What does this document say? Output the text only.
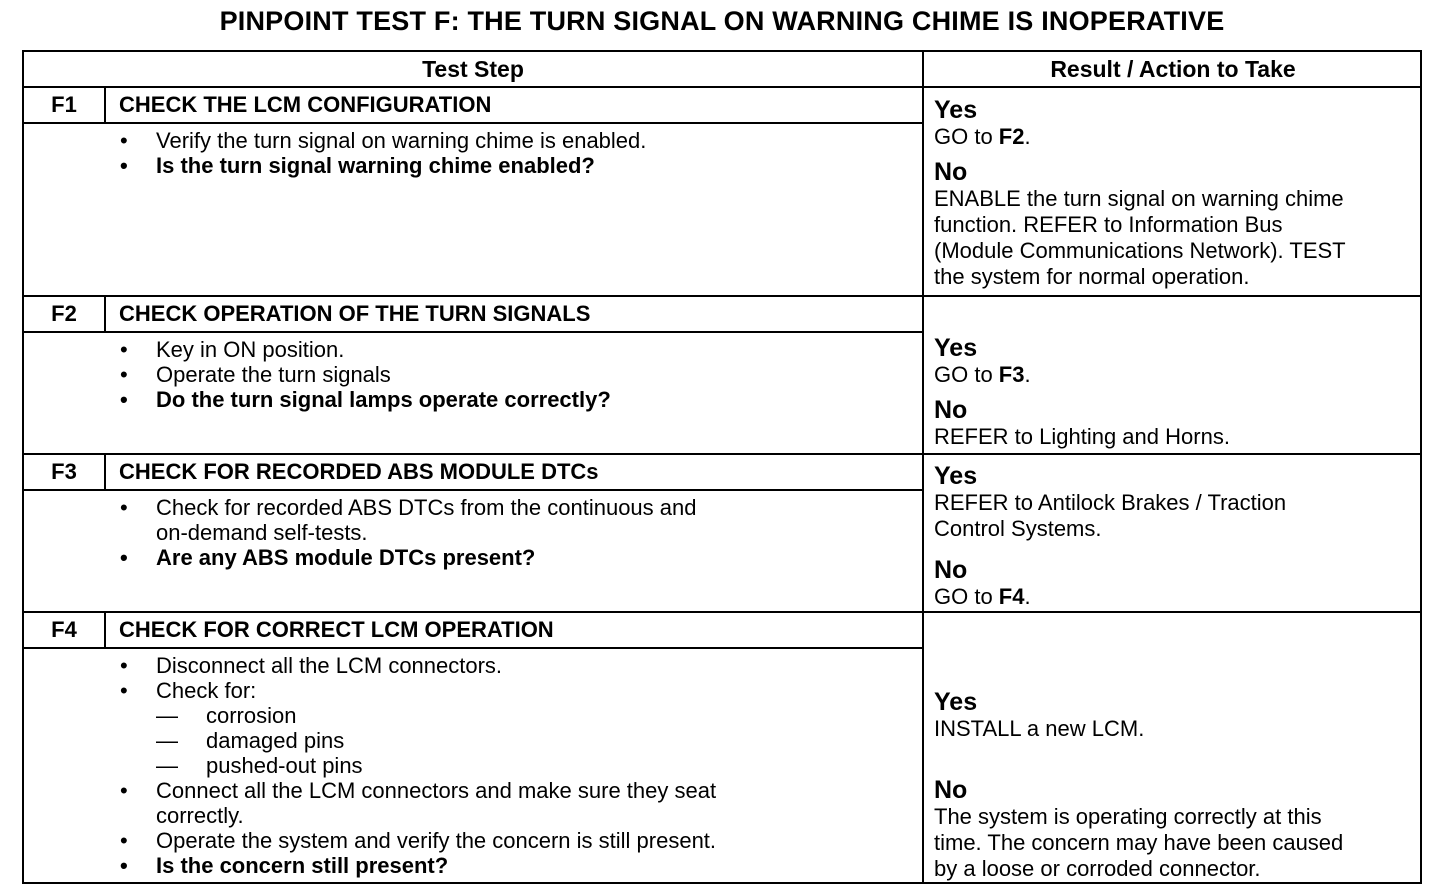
PINPOINT TEST F: THE TURN SIGNAL ON WARNING CHIME IS INOPERATIVE
Test Step	Result / Action to Take
F1	CHECK THE LCM CONFIGURATION
• Verify the turn signal on warning chime is enabled.
• Is the turn signal warning chime enabled?
Yes
GO to F2.
No
ENABLE the turn signal on warning chime
function. REFER to Information Bus
(Module Communications Network). TEST
the system for normal operation.
F2	CHECK OPERATION OF THE TURN SIGNALS
• Key in ON position.
• Operate the turn signals
• Do the turn signal lamps operate correctly?
Yes
GO to F3.
No
REFER to Lighting and Horns.
F3	CHECK FOR RECORDED ABS MODULE DTCs
• Check for recorded ABS DTCs from the continuous and
on-demand self-tests.
• Are any ABS module DTCs present?
Yes
REFER to Antilock Brakes / Traction
Control Systems.
No
GO to F4.
F4	CHECK FOR CORRECT LCM OPERATION
• Disconnect all the LCM connectors.
• Check for:
— corrosion
— damaged pins
— pushed-out pins
• Connect all the LCM connectors and make sure they seat
correctly.
• Operate the system and verify the concern is still present.
• Is the concern still present?
Yes
INSTALL a new LCM.
No
The system is operating correctly at this
time. The concern may have been caused
by a loose or corroded connector.
